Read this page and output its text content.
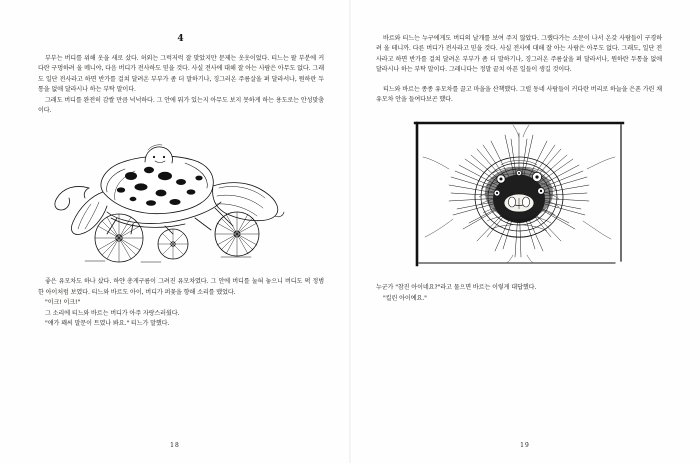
4

부부는 버디를 위해 옷을 새로 샀다. 허외는 그럭저럭 잘 맞았지만 문제는 옷옷이었다. 티느는 팔 부분에 커다란 구멍하려 올 메니야, 다음 버디가 전사하도 믿을 것다. 사실 전사에 대해 잘 아는 사람은 아무도 없다. 그래도 일단 전사라고 하면 반가를 걸쳐 달려온 부부가 좀 더 말하기나, 징그러온 주름살올 펴 달라서나, 뭔하란 두통을 없애 달라시나 하는 부탁 말이다.

그래도 버디를 완전히 감쌀 만큼 넉넉하다. 그 안에 뭐가 있는지 아무도 보지 못하게 하는 용도로는 안성맞춤이다.

좋은 유모차도 하나 샀다. 하얀 총게구름이 그려진 유모차였다. 그 안에 버디를 눌혀 놓으니 버디도 퍽 정범한 아이처럼 보였다. 티느와 바르도 아이, 버디가 퍼꽃을 향해 소리를 맸었다.

"이크! 이크!"

그 소리에 티느와 바르는 버디가 아주 자랑스러웠다.

"얘가 꽤씨 말문이 트였나 봐요." 티느가 말했다.

18

바르와 티느는 누구에게도 버디의 날개를 보여 주지 않았다. 그랬다가는 소문이 나서 온갖 사람들이 구경하려 올 테니까. 다른 버디가 전사라고 믿을 것다. 사실 전사에 대해 잘 아는 사람은 아무도 없다. 그래도, 일단 전사라고 하면 반가를 걸쳐 달려온 부부가 좀 더 말하기나, 징그러온 주름살올 펴 달라서나, 뭔하란 두통을 없애 달라시나 하는 부탁 말이다. 그래니다는 정말 끝치 아픈 일들이 생길 것이다.

티느와 바르는 종종 유모차를 끌고 마을을 산책했다. 그럴 동네 사람들이 커다란 버리로 하늘을 은폰 가린 채 유모차 안을 들여다보곤 했다.

누군가 "참진 아이네요?"라고 물으면 바르는 이렇게 대답했다.

"킬린 아이예요."

19
